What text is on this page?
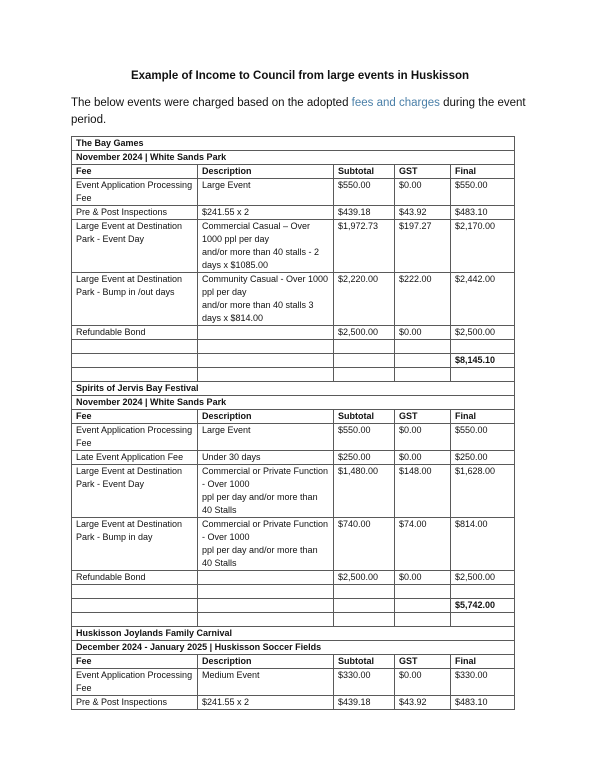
Example of Income to Council from large events in Huskisson
The below events were charged based on the adopted fees and charges during the event period.
The Bay Games				
November 2024 | White Sands Park				
Fee	Description	Subtotal	GST	Final
Event Application Processing Fee	Large Event	$550.00	$0.00	$550.00
Pre & Post Inspections	$241.55 x 2	$439.18	$43.92	$483.10
Large Event at Destination Park - Event Day	Commercial Casual – Over 1000 ppl per day
and/or more than 40 stalls - 2 days x $1085.00	$1,972.73	$197.27	$2,170.00
Large Event at Destination Park - Bump in /out days	Community Casual - Over 1000 ppl per day
and/or more than 40 stalls 3 days x $814.00	$2,220.00	$222.00	$2,442.00
Refundable Bond		$2,500.00	$0.00	$2,500.00

				$8,145.10

Spirits of Jervis Bay Festival				
November 2024 | White Sands Park				
Fee	Description	Subtotal	GST	Final
Event Application Processing Fee	Large Event	$550.00	$0.00	$550.00
Late Event Application Fee	Under 30 days	$250.00	$0.00	$250.00
Large Event at Destination Park - Event Day	Commercial or Private Function - Over 1000
ppl per day and/or more than 40 Stalls	$1,480.00	$148.00	$1,628.00
Large Event at Destination Park - Bump in day	Commercial or Private Function - Over 1000
ppl per day and/or more than 40 Stalls	$740.00	$74.00	$814.00
Refundable Bond		$2,500.00	$0.00	$2,500.00

				$5,742.00

Huskisson Joylands Family Carnival				
December 2024 - January 2025 | Huskisson Soccer Fields				
Fee	Description	Subtotal	GST	Final
Event Application Processing Fee	Medium Event	$330.00	$0.00	$330.00
Pre & Post Inspections	$241.55 x 2	$439.18	$43.92	$483.10
